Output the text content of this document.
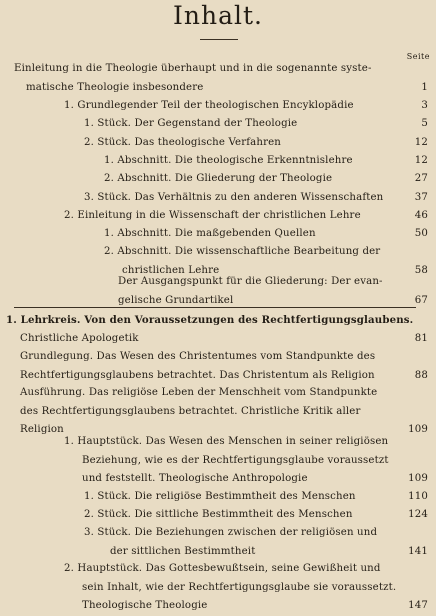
Inhalt.
Seite
Einleitung in die Theologie überhaupt und in die sogenannte syste-
matische Theologie insbesondere	1
1. Grundlegender Teil der theologischen Encyklopädie	3
1. Stück. Der Gegenstand der Theologie	5
2. Stück. Das theologische Verfahren	12
1. Abschnitt. Die theologische Erkenntnislehre	12
2. Abschnitt. Die Gliederung der Theologie	27
3. Stück. Das Verhältnis zu den anderen Wissenschaften	37
2. Einleitung in die Wissenschaft der christlichen Lehre	46
1. Abschnitt. Die maßgebenden Quellen	50
2. Abschnitt. Die wissenschaftliche Bearbeitung der
christlichen Lehre	58
Der Ausgangspunkt für die Gliederung: Der evan-
gelische Grundartikel	67
1. Lehrkreis. Von den Voraussetzungen des Rechtfertigungsglaubens.
Christliche Apologetik	81
Grundlegung. Das Wesen des Christentumes vom Standpunkte des
Rechtfertigungsglaubens betrachtet. Das Christentum als Religion	88
Ausführung. Das religiöse Leben der Menschheit vom Standpunkte
des Rechtfertigungsglaubens betrachtet. Christliche Kritik aller
Religion	109
1. Hauptstück. Das Wesen des Menschen in seiner religiösen
Beziehung, wie es der Rechtfertigungsglaube voraussetzt
und feststellt. Theologische Anthropologie	109
1. Stück. Die religiöse Bestimmtheit des Menschen	110
2. Stück. Die sittliche Bestimmtheit des Menschen	124
3. Stück. Die Beziehungen zwischen der religiösen und
der sittlichen Bestimmtheit	141
2. Hauptstück. Das Gottesbewußtsein, seine Gewißheit und
sein Inhalt, wie der Rechtfertigungsglaube sie voraussetzt.
Theologische Theologie	147
